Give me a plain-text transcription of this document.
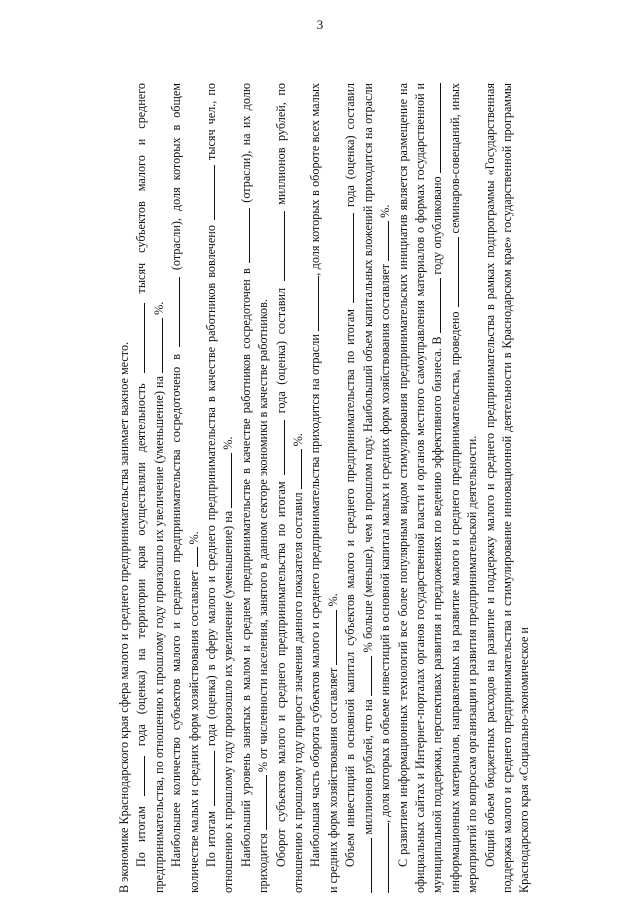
3

В экономике Краснодарского края сфера малого и среднего предпринимательства занимает важное место. По итогам  года (оценка) на территории края осуществляли деятельность  тысяч субъектов малого и среднего предпринимательства, по отношению к прошлому году произошло их увеличение (уменьшение) на  %.

Наибольшее количество субъектов малого и среднего предпринимательства сосредоточено в  (отрасли), доля которых в общем количестве малых и средних форм хозяйствования составляет  %.

По итогам  года (оценка) в сферу малого и среднего предпринимательства в качестве работников вовлечено  тысяч чел., по отношению к прошлому году произошло их увеличение (уменьшение) на  %. Наибольший уровень занятых в малом и среднем предпринимательстве в качестве работников сосредоточен в  (отрасли), на их долю приходится  % от численности населения, занятого в данном секторе экономики в качестве работников. Оборот субъектов малого и среднего предпринимательства по итогам  года (оценка) составил  миллионов рублей, по отношению к прошлому году прирост значения данного показателя составил  %. Наибольшая часть оборота субъектов малого и среднего предпринимательства приходится на отрасли , доля которых в обороте всех малых и средних форм хозяйствования составляет  %. Объем инвестиций в основной капитал субъектов малого и среднего предпринимательства по итогам  года (оценка) составил  миллионов рублей, что на  % больше (меньше), чем в прошлом году. Наибольший объем капитальных вложений приходится на отрасли , доля которых в объеме инвестиций в основной капитал малых и средних форм хозяйствования составляет  %. С развитием информационных технологий все более популярным видом стимулирования предпринимательских инициатив является размещение на официальных сайтах и Интернет-порталах органов государственной власти и органов местного самоуправления материалов о формах государственной и муниципальной поддержки, перспективах развития и предложениях по ведению эффективного бизнеса. В  году опубликовано  информационных материалов, направленных на развитие малого и среднего предпринимательства, проведено  семинаров-совещаний, иных мероприятий по вопросам организации и развития предпринимательской деятельности. Общий объем бюджетных расходов на развитие и поддержку малого и среднего предпринимательства в рамках подпрограммы «Государственная поддержка малого и среднего предпринимательства и стимулирование инновационной деятельности в Краснодарском крае» государственной программы Краснодарского края «Социально-экономическое и
